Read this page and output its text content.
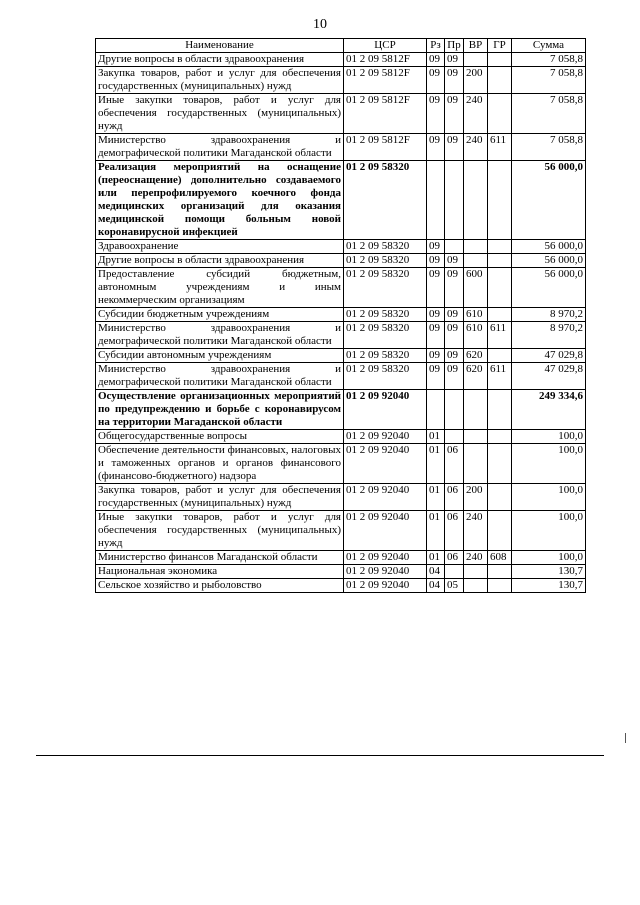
10
Наименование	ЦСР	Рз	Пр	ВР	ГР	Сумма
Другие вопросы в области здравоохранения	01 2 09 5812F	09	09			7 058,8
Закупка товаров, работ и услуг для обеспечения государственных (муниципальных) нужд	01 2 09 5812F	09	09	200		7 058,8
Иные закупки товаров, работ и услуг для обеспечения государственных (муниципальных) нужд	01 2 09 5812F	09	09	240		7 058,8
Министерство здравоохранения и демографической политики Магаданской области	01 2 09 5812F	09	09	240	611	7 058,8
Реализация мероприятий на оснащение (переоснащение) дополнительно создаваемого или перепрофилируемого коечного фонда медицинских организаций для оказания медицинской помощи больным новой коронавирусной инфекцией	01 2 09 58320					56 000,0
Здравоохранение	01 2 09 58320	09				56 000,0
Другие вопросы в области здравоохранения	01 2 09 58320	09	09			56 000,0
Предоставление субсидий бюджетным, автономным учреждениям и иным некоммерческим организациям	01 2 09 58320	09	09	600		56 000,0
Субсидии бюджетным учреждениям	01 2 09 58320	09	09	610		8 970,2
Министерство здравоохранения и демографической политики Магаданской области	01 2 09 58320	09	09	610	611	8 970,2
Субсидии автономным учреждениям	01 2 09 58320	09	09	620		47 029,8
Министерство здравоохранения и демографической политики Магаданской области	01 2 09 58320	09	09	620	611	47 029,8
Осуществление организационных мероприятий по предупреждению и борьбе с коронавирусом на территории Магаданской области	01 2 09 92040					249 334,6
Общегосударственные вопросы	01 2 09 92040	01				100,0
Обеспечение деятельности финансовых, налоговых и таможенных органов и органов финансового (финансово-бюджетного) надзора	01 2 09 92040	01	06			100,0
Закупка товаров, работ и услуг для обеспечения государственных (муниципальных) нужд	01 2 09 92040	01	06	200		100,0
Иные закупки товаров, работ и услуг для обеспечения государственных (муниципальных) нужд	01 2 09 92040	01	06	240		100,0
Министерство финансов Магаданской области	01 2 09 92040	01	06	240	608	100,0
Национальная экономика	01 2 09 92040	04				130,7
Сельское хозяйство и рыболовство	01 2 09 92040	04	05			130,7
